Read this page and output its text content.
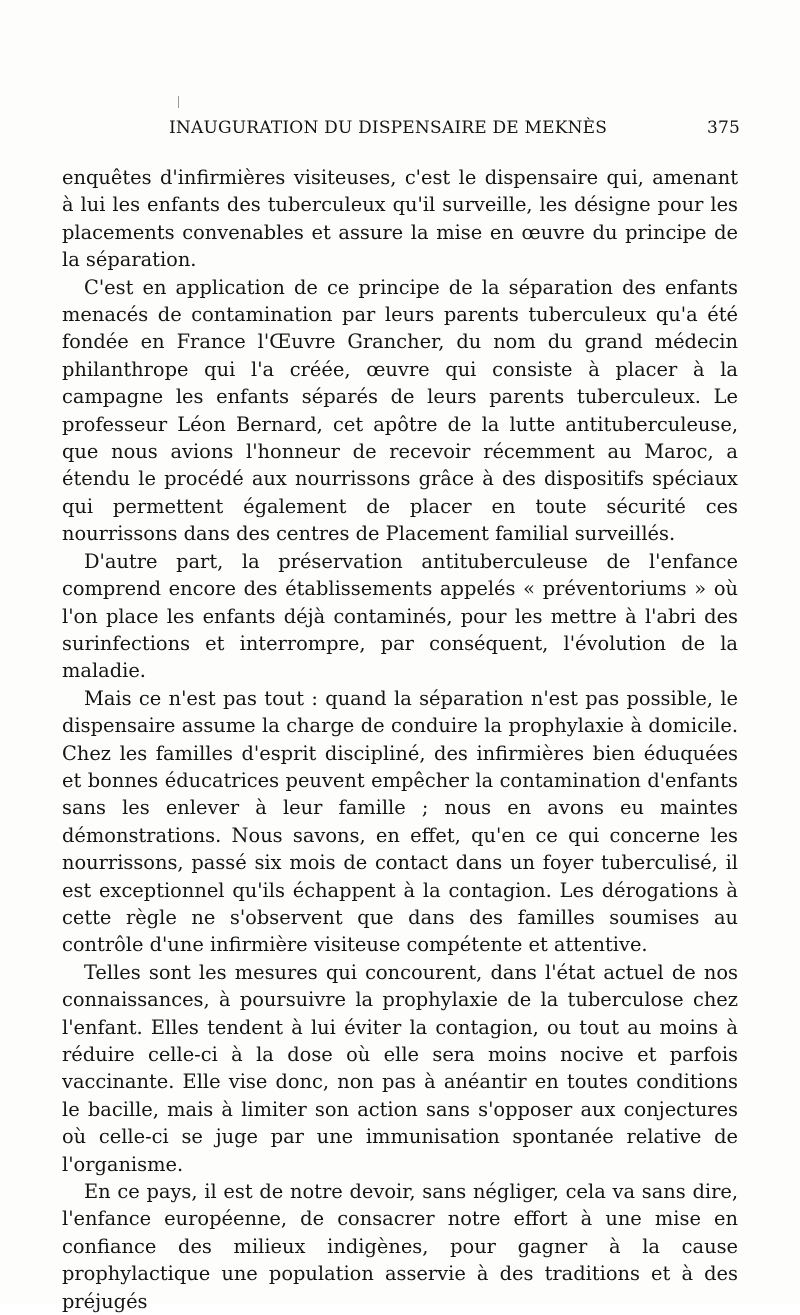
INAUGURATION DU DISPENSAIRE DE MEKNÈS	375

enquêtes d'infirmières visiteuses, c'est le dispensaire qui, amenant à lui les enfants des tuberculeux qu'il surveille, les désigne pour les placements convenables et assure la mise en œuvre du principe de la séparation.

C'est en application de ce principe de la séparation des enfants menacés de contamination par leurs parents tuberculeux qu'a été fondée en France l'Œuvre Grancher, du nom du grand médecin philanthrope qui l'a créée, œuvre qui consiste à placer à la campagne les enfants séparés de leurs parents tuberculeux. Le professeur Léon Bernard, cet apôtre de la lutte antituberculeuse, que nous avions l'honneur de recevoir récemment au Maroc, a étendu le procédé aux nourrissons grâce à des dispositifs spéciaux qui permettent également de placer en toute sécurité ces nourrissons dans des centres de Placement familial surveillés.

D'autre part, la préservation antituberculeuse de l'enfance comprend encore des établissements appelés « préventoriums » où l'on place les enfants déjà contaminés, pour les mettre à l'abri des surinfections et interrompre, par conséquent, l'évolution de la maladie.

Mais ce n'est pas tout : quand la séparation n'est pas possible, le dispensaire assume la charge de conduire la prophylaxie à domicile. Chez les familles d'esprit discipliné, des infirmières bien éduquées et bonnes éducatrices peuvent empêcher la contamination d'enfants sans les enlever à leur famille ; nous en avons eu maintes démonstrations. Nous savons, en effet, qu'en ce qui concerne les nourrissons, passé six mois de contact dans un foyer tuberculisé, il est exceptionnel qu'ils échappent à la contagion. Les dérogations à cette règle ne s'observent que dans des familles soumises au contrôle d'une infirmière visiteuse compétente et attentive.

Telles sont les mesures qui concourent, dans l'état actuel de nos connaissances, à poursuivre la prophylaxie de la tuberculose chez l'enfant. Elles tendent à lui éviter la contagion, ou tout au moins à réduire celle-ci à la dose où elle sera moins nocive et parfois vaccinante. Elle vise donc, non pas à anéantir en toutes conditions le bacille, mais à limiter son action sans s'opposer aux conjectures où celle-ci se juge par une immunisation spontanée relative de l'organisme.

En ce pays, il est de notre devoir, sans négliger, cela va sans dire, l'enfance européenne, de consacrer notre effort à une mise en confiance des milieux indigènes, pour gagner à la cause prophylactique une population asservie à des traditions et à des préjugés
